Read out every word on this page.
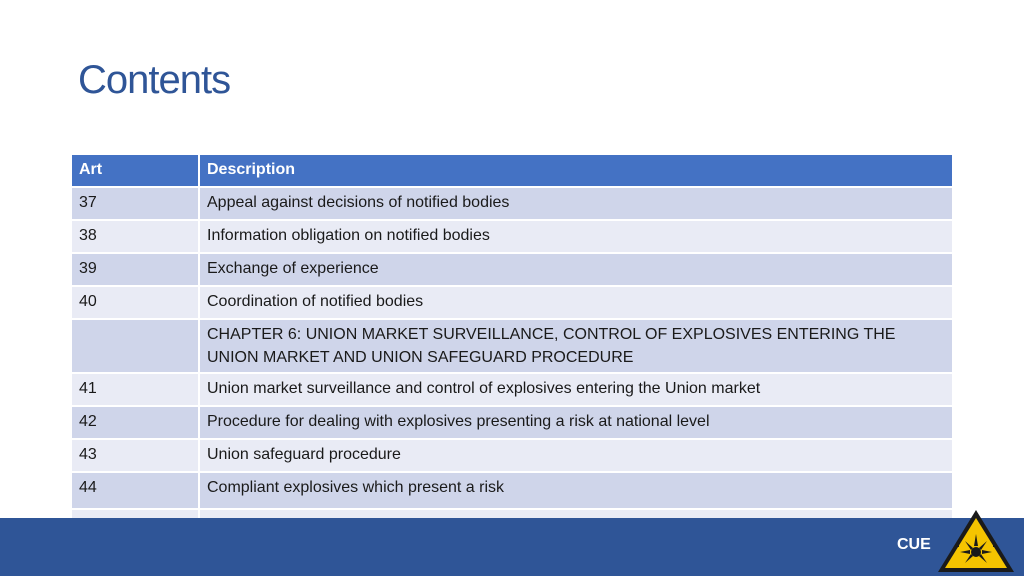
Contents
Art	Description
37	Appeal against decisions of notified bodies
38	Information obligation on notified bodies
39	Exchange of experience
40	Coordination of notified bodies
	CHAPTER 6: UNION MARKET SURVEILLANCE, CONTROL OF EXPLOSIVES ENTERING THE UNION MARKET AND UNION SAFEGUARD PROCEDURE
41	Union market surveillance and control of explosives entering the Union market
42	Procedure for dealing with explosives presenting a risk at national level
43	Union safeguard procedure
44	Compliant explosives which present a risk

CUE
